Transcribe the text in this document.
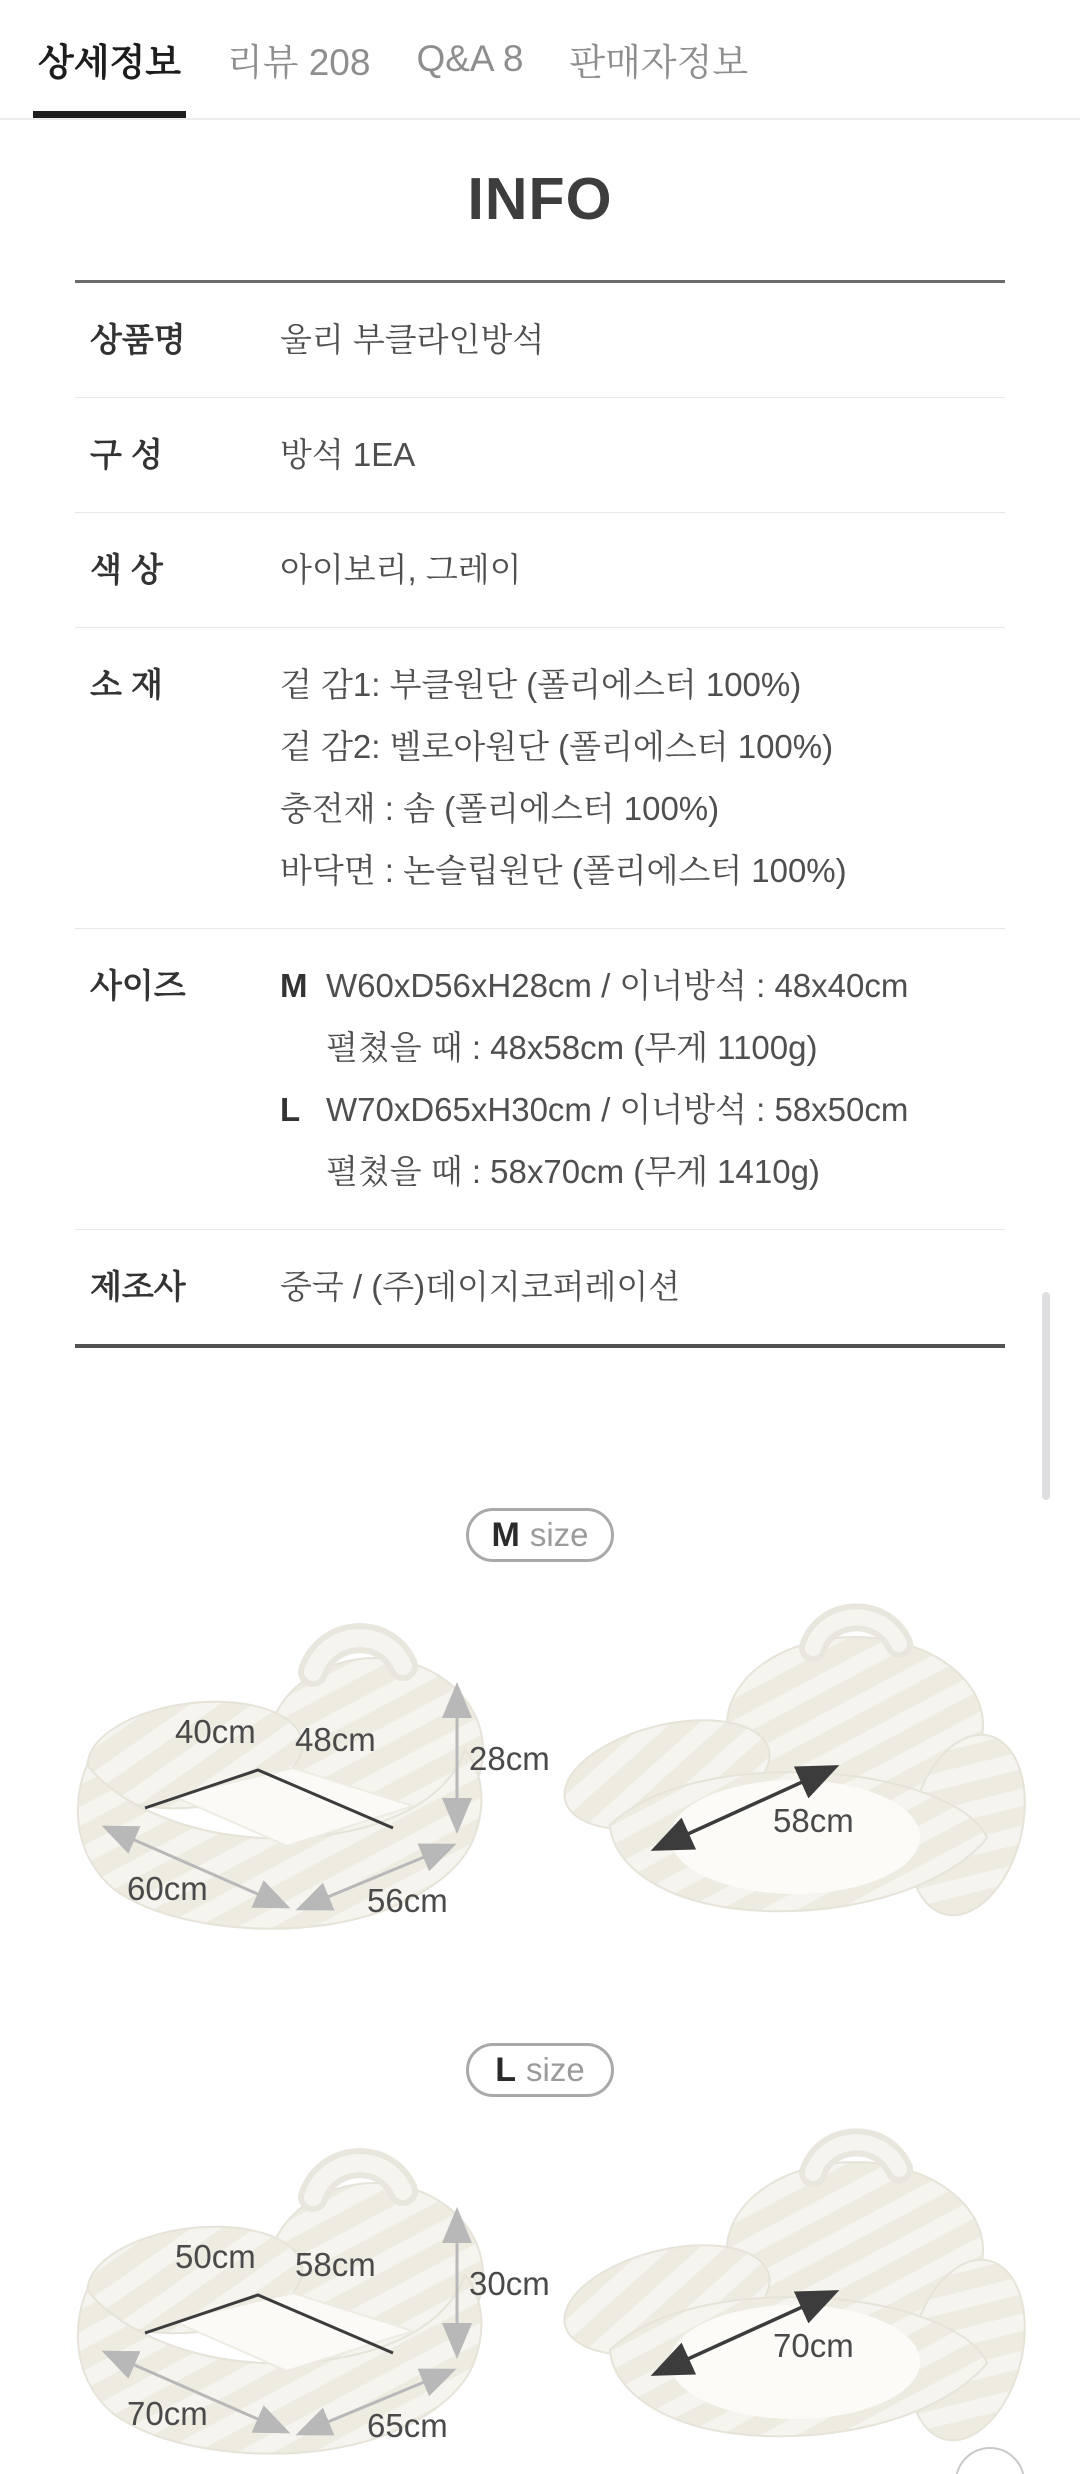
상세정보 리뷰 208 Q&A 8 판매자정보
INFO
상품명	울리 부클라인방석
구 성	방석 1EA
색 상	아이보리, 그레이
소 재	겉 감1: 부클원단 (폴리에스터 100%)
겉 감2: 벨로아원단 (폴리에스터 100%)
충전재 : 솜 (폴리에스터 100%)
바닥면 : 논슬립원단 (폴리에스터 100%)
사이즈	M W60xD56xH28cm / 이너방석 : 48x40cm
펼쳤을 때 : 48x58cm (무게 1100g)
L W70xD65xH30cm / 이너방석 : 58x50cm
펼쳤을 때 : 58x70cm (무게 1410g)
제조사	중국 / (주)데이지코퍼레이션
M size
40cm 48cm
28cm
60cm	56cm
58cm
L size
50cm 58cm
30cm
70cm	65cm
70cm
